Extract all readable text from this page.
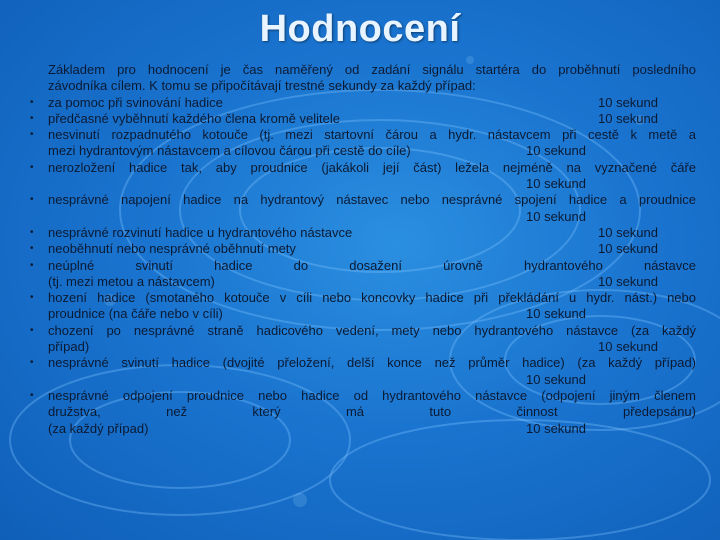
Hodnocení
Základem pro hodnocení je čas naměřený od zadání signálu startéra do proběhnutí posledního
závodníka cílem. K tomu se připočítávají trestné sekundy za každý případ:
• za pomoc při svinování hadice	10 sekund
• předčasné vyběhnutí každého člena kromě velitele	10 sekund
• nesvinutí rozpadnutého kotouče (tj. mezi startovní čárou a hydr. nástavcem při cestě k metě a
mezi hydrantovým nástavcem a cílovou čárou při cestě do cíle)	10 sekund
• nerozložení hadice tak, aby proudnice (jakákoli její část) ležela nejméně na vyznačené čáře
10 sekund
• nesprávné napojení hadice na hydrantový nástavec nebo nesprávné spojení hadice a proudnice
10 sekund
• nesprávné rozvinutí hadice u hydrantového nástavce	10 sekund
• neoběhnutí nebo nesprávné oběhnutí mety	10 sekund
• neúplné svinutí hadice do dosažení úrovně hydrantového nástavce
(tj. mezi metou a nástavcem)	10 sekund
• hození hadice (smotaného kotouče v cíli nebo koncovky hadice při překládání u hydr. nást.) nebo
proudnice (na čáře nebo v cíli)	10 sekund
• chození po nesprávné straně hadicového vedení, mety nebo hydrantového nástavce (za každý
případ)	10 sekund
• nesprávné svinutí hadice (dvojité přeložení, delší konce než průměr hadice) (za každý případ)
10 sekund
• nesprávné odpojení proudnice nebo hadice od hydrantového nástavce (odpojení jiným členem
družstva, než který má tuto činnost předepsánu)
(za každý případ)	10 sekund
